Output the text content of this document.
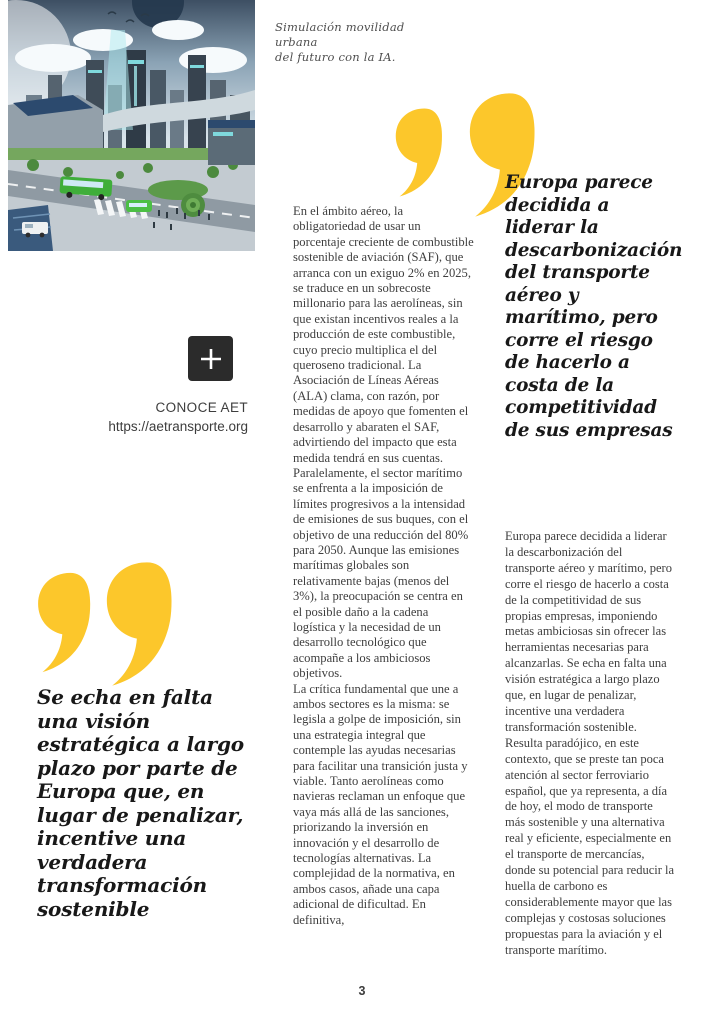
Simulación movilidad urbana
del futuro con la IA.
Europa parece decidida a liderar la descarbonización del transporte aéreo y marítimo, pero corre el riesgo de hacerlo a costa de la competitividad de sus empresas
CONOCE AET
https://aetransporte.org
Se echa en falta una visión estratégica a largo plazo por parte de Europa que, en lugar de penalizar, incentive una verdadera transformación sostenible

En el ámbito aéreo, la obligatoriedad de usar un porcentaje creciente de combustible sostenible de aviación (SAF), que arranca con un exiguo 2% en 2025, se traduce en un sobrecoste millonario para las aerolíneas, sin que existan incentivos reales a la producción de este combustible, cuyo precio multiplica el del queroseno tradicional. La Asociación de Líneas Aéreas (ALA) clama, con razón, por medidas de apoyo que fomenten el desarrollo y abaraten el SAF, advirtiendo del impacto que esta medida tendrá en sus cuentas. Paralelamente, el sector marítimo se enfrenta a la imposición de límites progresivos a la intensidad de emisiones de sus buques, con el objetivo de una reducción del 80% para 2050. Aunque las emisiones marítimas globales son relativamente bajas (menos del 3%), la preocupación se centra en el posible daño a la cadena logística y la necesidad de un desarrollo tecnológico que acompañe a los ambiciosos objetivos.

La crítica fundamental que une a ambos sectores es la misma: se legisla a golpe de imposición, sin una estrategia integral que contemple las ayudas necesarias para facilitar una transición justa y viable. Tanto aerolíneas como navieras reclaman un enfoque que vaya más allá de las sanciones, priorizando la inversión en innovación y el desarrollo de tecnologías alternativas. La complejidad de la normativa, en ambos casos, añade una capa adicional de dificultad. En definitiva,

Europa parece decidida a liderar la descarbonización del transporte aéreo y marítimo, pero corre el riesgo de hacerlo a costa de la competitividad de sus propias empresas, imponiendo metas ambiciosas sin ofrecer las herramientas necesarias para alcanzarlas. Se echa en falta una visión estratégica a largo plazo que, en lugar de penalizar, incentive una verdadera transformación sostenible. Resulta paradójico, en este contexto, que se preste tan poca atención al sector ferroviario español, que ya representa, a día de hoy, el modo de transporte más sostenible y una alternativa real y eficiente, especialmente en el transporte de mercancías, donde su potencial para reducir la huella de carbono es considerablemente mayor que las complejas y costosas soluciones propuestas para la aviación y el transporte marítimo.

3
